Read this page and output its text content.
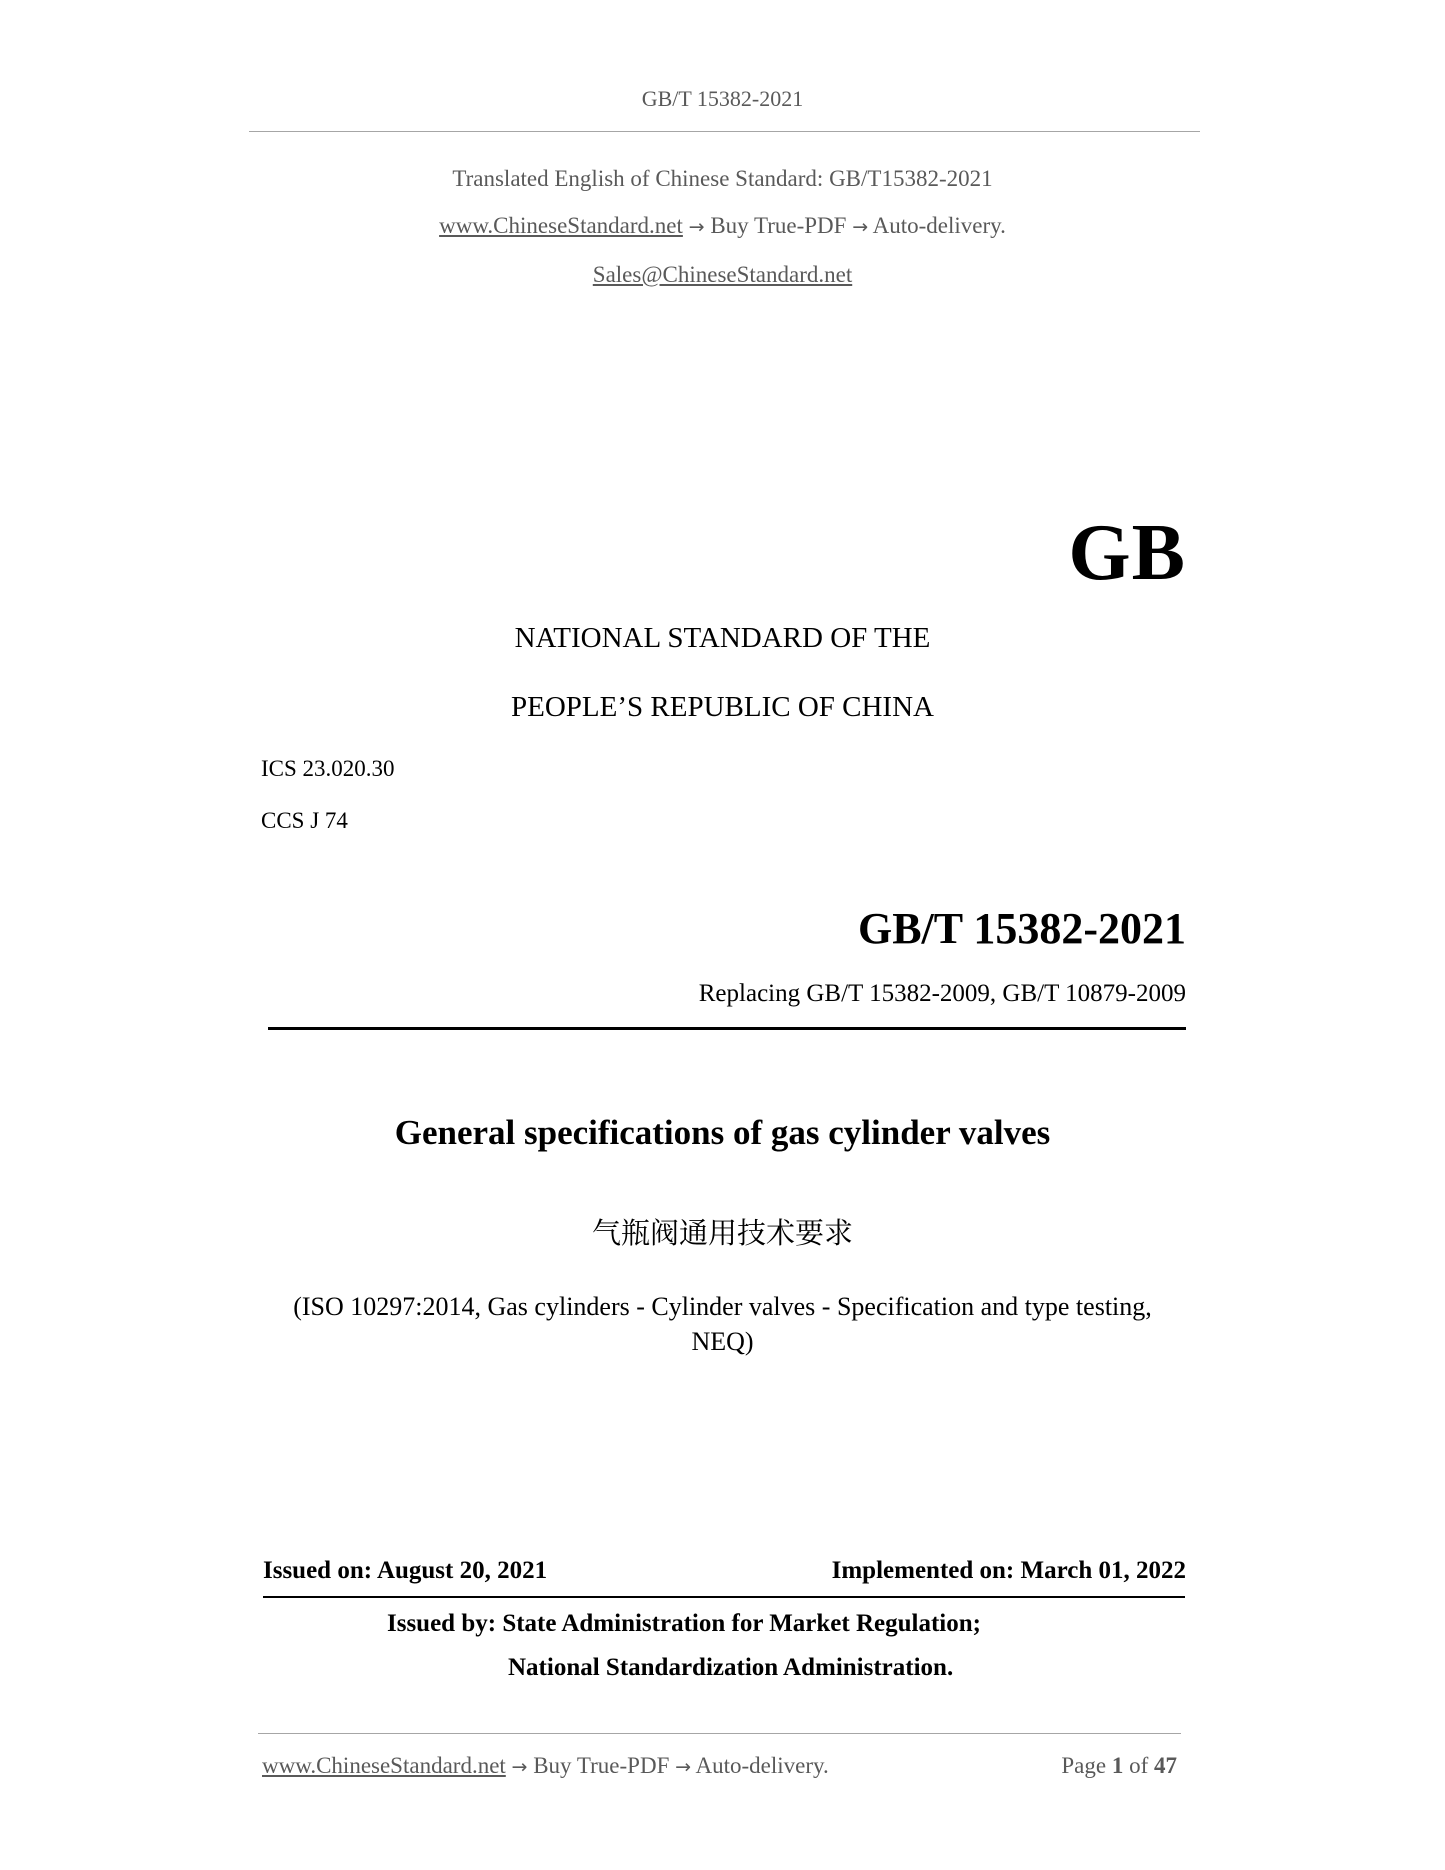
GB/T 15382-2021
Translated English of Chinese Standard: GB/T15382-2021
www.ChineseStandard.net → Buy True-PDF → Auto-delivery.
Sales@ChineseStandard.net
GB
NATIONAL STANDARD OF THE
PEOPLE’S REPUBLIC OF CHINA
ICS 23.020.30
CCS J 74
GB/T 15382-2021
Replacing GB/T 15382-2009, GB/T 10879-2009
General specifications of gas cylinder valves
气瓶阀通用技术要求
(ISO 10297:2014, Gas cylinders - Cylinder valves - Specification and type testing,
NEQ)
Issued on: August 20, 2021	Implemented on: March 01, 2022
Issued by: State Administration for Market Regulation;
National Standardization Administration.
www.ChineseStandard.net → Buy True-PDF → Auto-delivery.	Page 1 of 47
